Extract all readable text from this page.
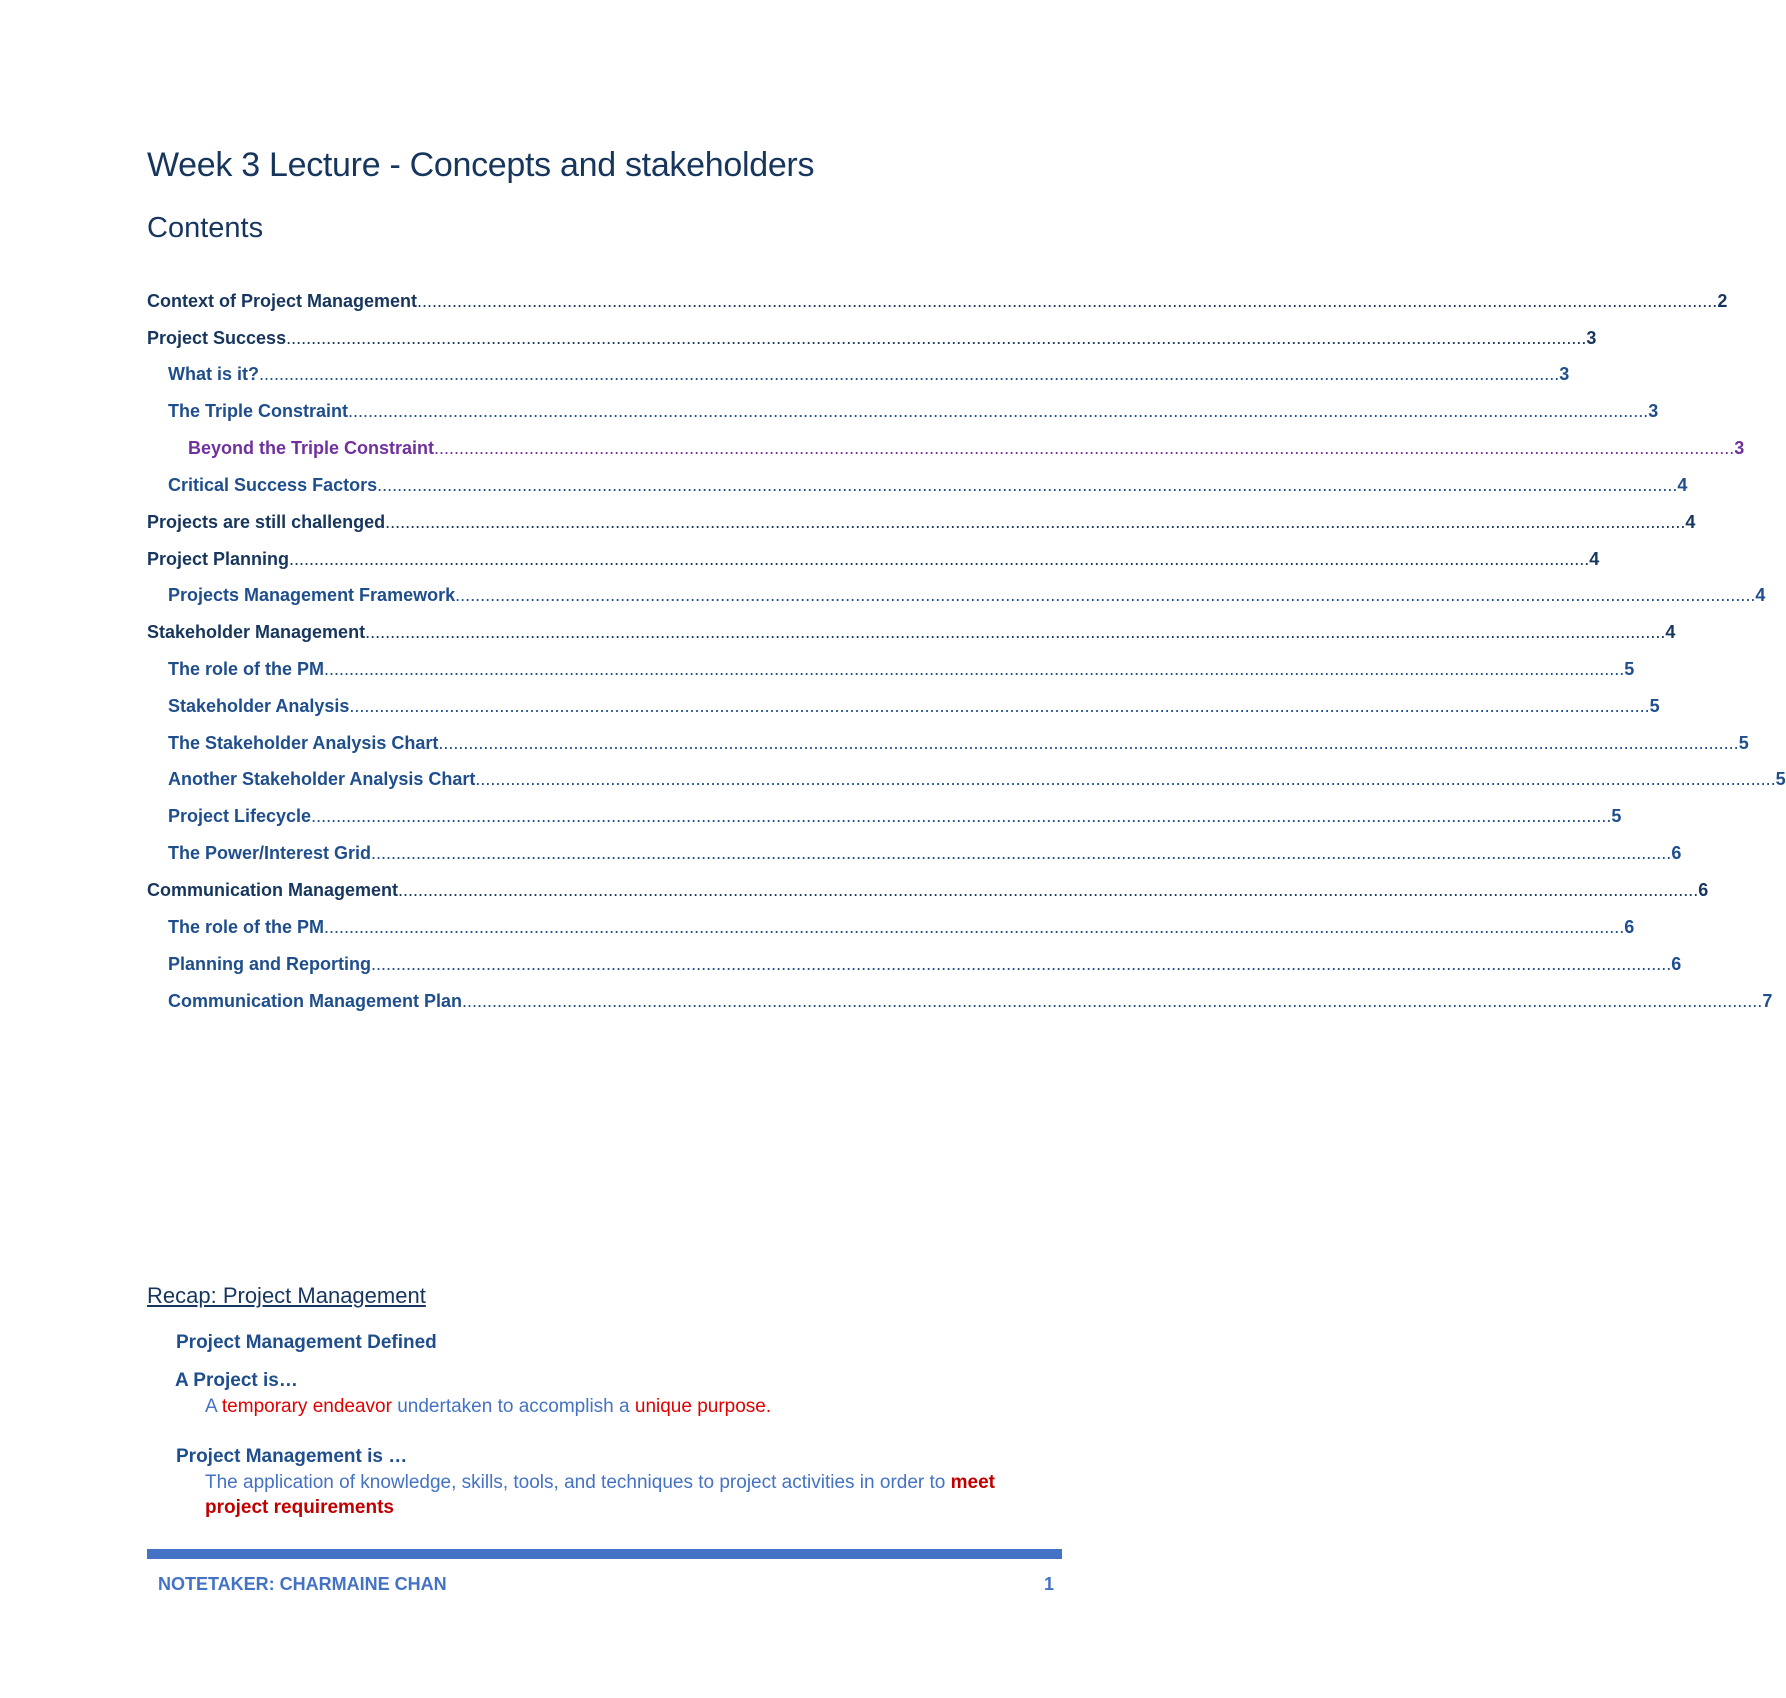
Week 3 Lecture - Concepts and stakeholders
Contents
Context of Project Management .................................................................................................................................................................................................................................................................... 2
Project Success .................................................................................................................................................................................................................................................................... 3
What is it? .................................................................................................................................................................................................................................................................... 3
The Triple Constraint .................................................................................................................................................................................................................................................................... 3
Beyond the Triple Constraint .................................................................................................................................................................................................................................................................... 3
Critical Success Factors .................................................................................................................................................................................................................................................................... 4
Projects are still challenged .................................................................................................................................................................................................................................................................... 4
Project Planning .................................................................................................................................................................................................................................................................... 4
Projects Management Framework .................................................................................................................................................................................................................................................................... 4
Stakeholder Management .................................................................................................................................................................................................................................................................... 4
The role of the PM .................................................................................................................................................................................................................................................................... 5
Stakeholder Analysis .................................................................................................................................................................................................................................................................... 5
The Stakeholder Analysis Chart .................................................................................................................................................................................................................................................................... 5
Another Stakeholder Analysis Chart .................................................................................................................................................................................................................................................................... 5
Project Lifecycle .................................................................................................................................................................................................................................................................... 5
The Power/Interest Grid .................................................................................................................................................................................................................................................................... 6
Communication Management .................................................................................................................................................................................................................................................................... 6
The role of the PM .................................................................................................................................................................................................................................................................... 6
Planning and Reporting .................................................................................................................................................................................................................................................................... 6
Communication Management Plan .................................................................................................................................................................................................................................................................... 7
Recap: Project Management

Project Management Defined

A Project is…

A temporary endeavor undertaken to accomplish a unique purpose.

Project Management is …

The application of knowledge, skills, tools, and techniques to project activities in order to meet

project requirements

NOTETAKER: CHARMAINE CHAN	1
